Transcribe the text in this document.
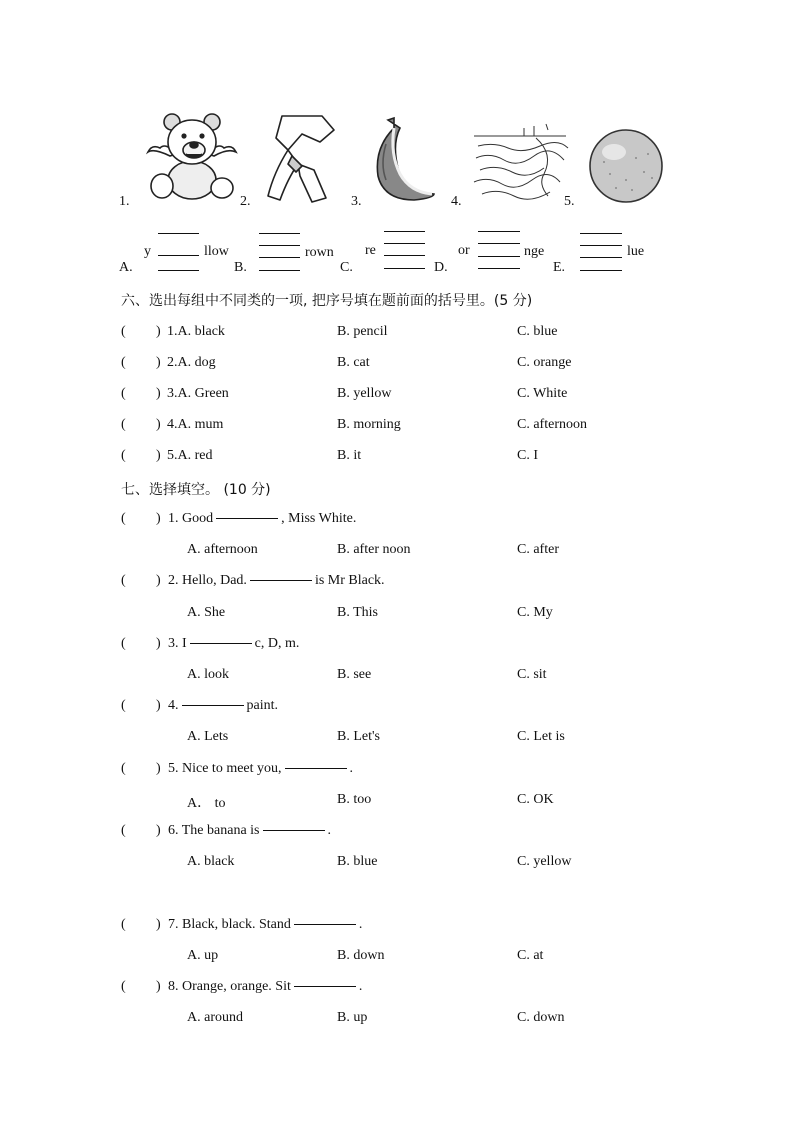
1.	2.	3.	4.	5.
A.
y	llow
B.
rown
C.
re
D.
or	nge
E.
lue
六、选出每组中不同类的一项, 把序号填在题前面的括号里。(5 分)
( ) 1.A. black	B. pencil	C. blue
( ) 2.A. dog	B. cat	C. orange
( ) 3.A. Green	B. yellow	C. White
( ) 4.A. mum	B. morning	C. afternoon
( ) 5.A. red	B. it	C. I
七、选择填空。 (10 分)
( ) 1. Good	, Miss White.
A. afternoon	B. after noon	C. after
( ) 2. Hello, Dad.	is Mr Black.
A. She	B. This	C. My
( ) 3. I	c, D, m.
A. look	B. see	C. sit
( ) 4.	paint.
A. Lets	B. Let's	C. Let is
( ) 5. Nice to meet you,	.
A． to	B. too	C. OK
( ) 6. The banana is	.
A. black	B. blue	C. yellow
( ) 7. Black, black. Stand	.
A. up	B. down	C. at
( ) 8. Orange, orange. Sit	.
A. around	B. up	C. down
